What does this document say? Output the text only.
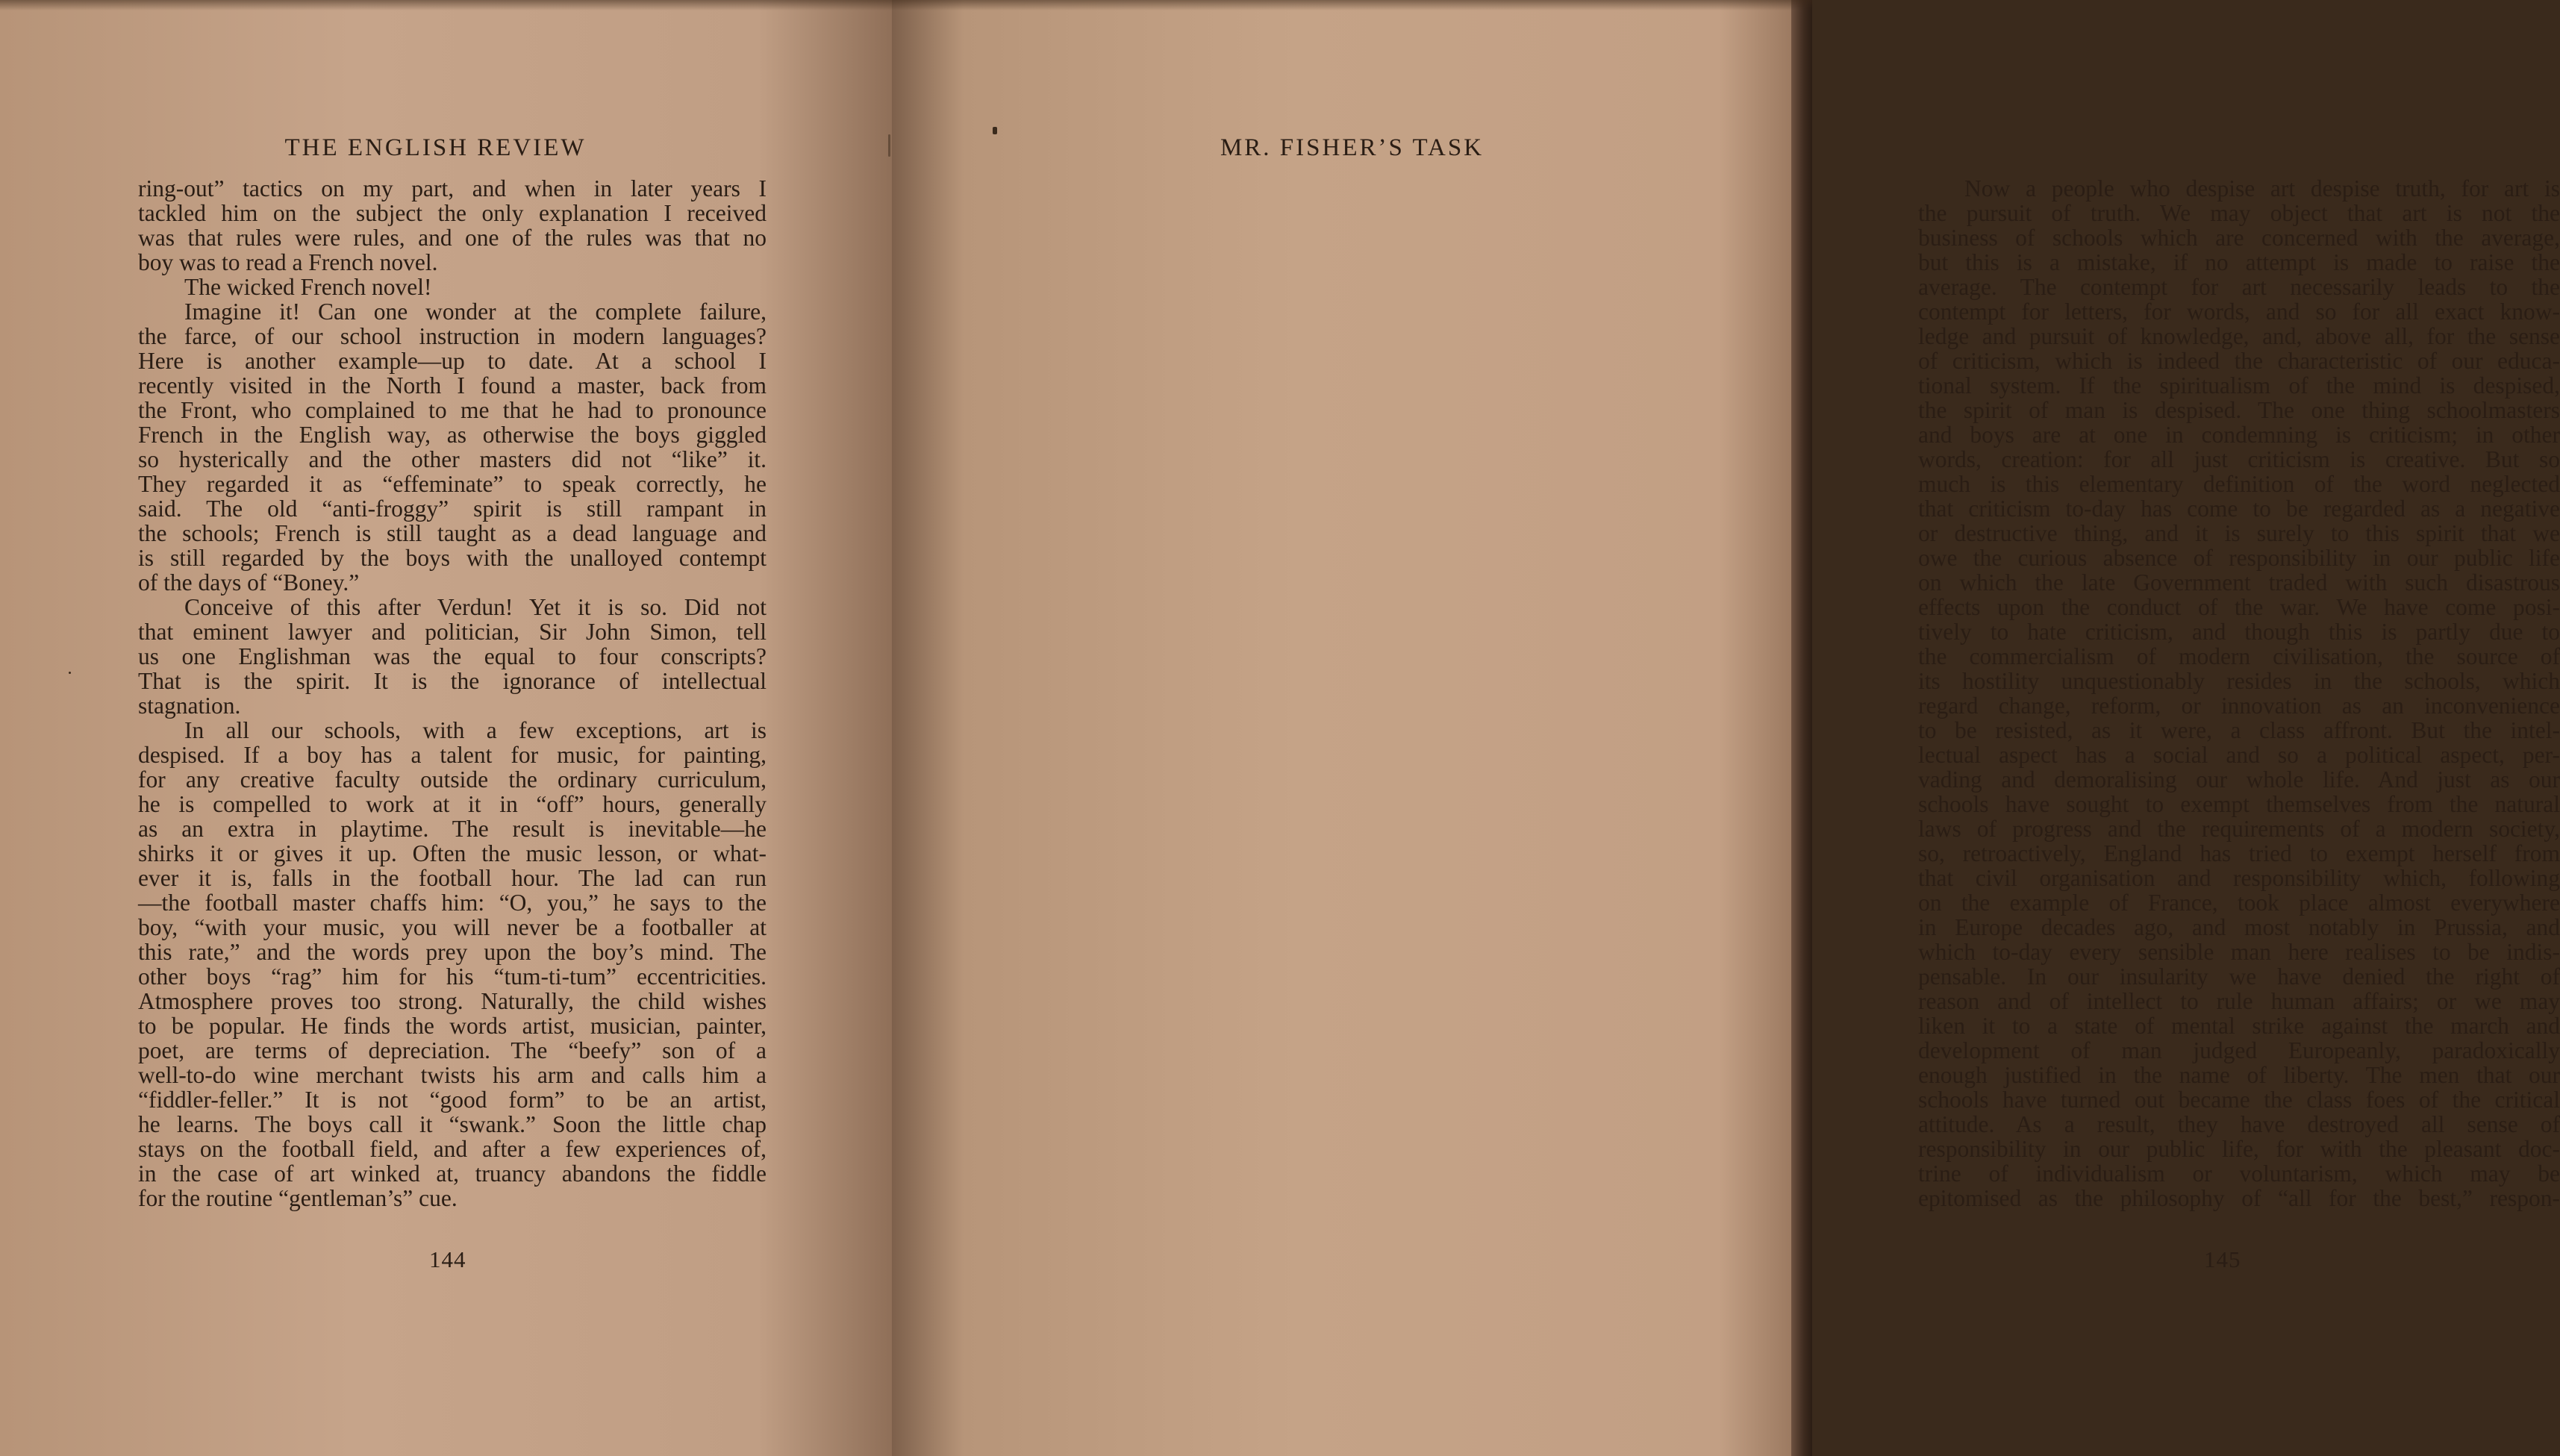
THE ENGLISH REVIEW
ring-out” tactics on my part, and when in later years I
tackled him on the subject the only explanation I received
was that rules were rules, and one of the rules was that no
boy was to read a French novel.
The wicked French novel!
Imagine it! Can one wonder at the complete failure,
the farce, of our school instruction in modern languages?
Here is another example—up to date. At a school I
recently visited in the North I found a master, back from
the Front, who complained to me that he had to pronounce
French in the English way, as otherwise the boys giggled
so hysterically and the other masters did not “like” it.
They regarded it as “effeminate” to speak correctly, he
said. The old “anti-froggy” spirit is still rampant in
the schools; French is still taught as a dead language and
is still regarded by the boys with the unalloyed contempt
of the days of “Boney.”
Conceive of this after Verdun! Yet it is so. Did not
that eminent lawyer and politician, Sir John Simon, tell
us one Englishman was the equal to four conscripts?
That is the spirit. It is the ignorance of intellectual
stagnation.
In all our schools, with a few exceptions, art is
despised. If a boy has a talent for music, for painting,
for any creative faculty outside the ordinary curriculum,
he is compelled to work at it in “off” hours, generally
as an extra in playtime. The result is inevitable—he
shirks it or gives it up. Often the music lesson, or what-
ever it is, falls in the football hour. The lad can run
—the football master chaffs him: “O, you,” he says to the
boy, “with your music, you will never be a footballer at
this rate,” and the words prey upon the boy’s mind. The
other boys “rag” him for his “tum-ti-tum” eccentricities.
Atmosphere proves too strong. Naturally, the child wishes
to be popular. He finds the words artist, musician, painter,
poet, are terms of depreciation. The “beefy” son of a
well-to-do wine merchant twists his arm and calls him a
“fiddler-feller.” It is not “good form” to be an artist,
he learns. The boys call it “swank.” Soon the little chap
stays on the football field, and after a few experiences of,
in the case of art winked at, truancy abandons the fiddle
for the routine “gentleman’s” cue.
144
MR. FISHER’S TASK
Now a people who despise art despise truth, for art is
the pursuit of truth. We may object that art is not the
business of schools which are concerned with the average,
but this is a mistake, if no attempt is made to raise the
average. The contempt for art necessarily leads to the
contempt for letters, for words, and so for all exact know-
ledge and pursuit of knowledge, and, above all, for the sense
of criticism, which is indeed the characteristic of our educa-
tional system. If the spiritualism of the mind is despised,
the spirit of man is despised. The one thing schoolmasters
and boys are at one in condemning is criticism; in other
words, creation: for all just criticism is creative. But so
much is this elementary definition of the word neglected
that criticism to-day has come to be regarded as a negative
or destructive thing, and it is surely to this spirit that we
owe the curious absence of responsibility in our public life
on which the late Government traded with such disastrous
effects upon the conduct of the war. We have come posi-
tively to hate criticism, and though this is partly due to
the commercialism of modern civilisation, the source of
its hostility unquestionably resides in the schools, which
regard change, reform, or innovation as an inconvenience
to be resisted, as it were, a class affront. But the intel-
lectual aspect has a social and so a political aspect, per-
vading and demoralising our whole life. And just as our
schools have sought to exempt themselves from the natural
laws of progress and the requirements of a modern society,
so, retroactively, England has tried to exempt herself from
that civil organisation and responsibility which, following
on the example of France, took place almost everywhere
in Europe decades ago, and most notably in Prussia, and
which to-day every sensible man here realises to be indis-
pensable. In our insularity we have denied the right of
reason and of intellect to rule human affairs; or we may
liken it to a state of mental strike against the march and
development of man judged Europeanly, paradoxically
enough justified in the name of liberty. The men that our
schools have turned out became the class foes of the critical
attitude. As a result, they have destroyed all sense of
responsibility in our public life, for with the pleasant doc-
trine of individualism or voluntarism, which may be
epitomised as the philosophy of “all for the best,” respon-
145
